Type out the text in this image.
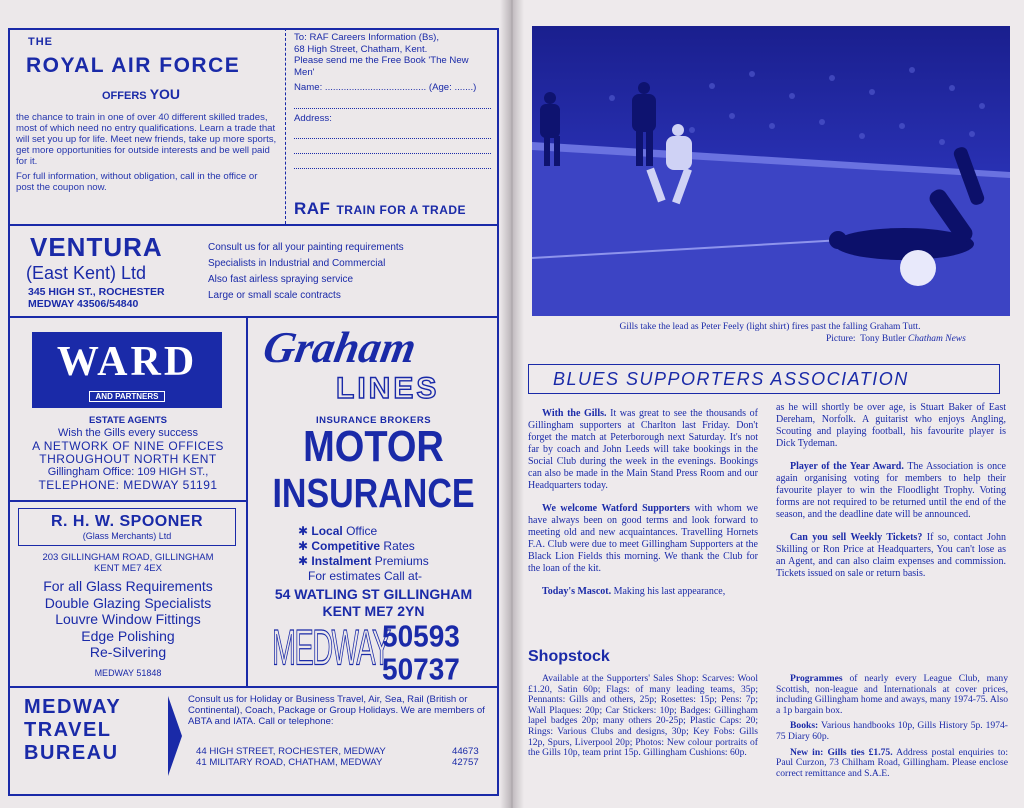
THE
ROYAL AIR FORCE
OFFERS YOU

the chance to train in one of over 40 different skilled trades, most of which need no entry qualifications. Learn a trade that will set you up for life. Meet new friends, take up more sports, get more opportunities for outside interests and be well paid for it.

For full information, without obligation, call in the office or post the coupon now.

To: RAF Careers Information (Bs),
68 High Street, Chatham, Kent.
Please send me the Free Book 'The New Men'
Name: ...................................... (Age: .......)
Address:
RAF TRAIN FOR A TRADE
VENTURA
(East Kent) Ltd
345 HIGH ST., ROCHESTER
MEDWAY 43506/54840
Consult us for all your painting requirements
Specialists in Industrial and Commercial
Also fast airless spraying service
Large or small scale contracts
WARD
AND PARTNERS
ESTATE AGENTS
Wish the Gills every success
A NETWORK OF NINE OFFICES
THROUGHOUT NORTH KENT
Gillingham Office: 109 HIGH ST.,
TELEPHONE: MEDWAY 51191
R. H. W. SPOONER
(Glass Merchants) Ltd
203 GILLINGHAM ROAD, GILLINGHAM
KENT ME7 4EX
For all Glass Requirements
Double Glazing Specialists
Louvre Window Fittings
Edge Polishing
Re-Silvering
MEDWAY 51848
Graham
LINES
INSURANCE BROKERS
MOTOR
INSURANCE
✱ Local Office
✱ Competitive Rates
✱ Instalment Premiums
For estimates Call at-
54 WATLING ST GILLINGHAM
KENT ME7 2YN
MEDWAY
50593
50737
MEDWAY
TRAVEL
BUREAU
Consult us for Holiday or Business Travel, Air, Sea, Rail (British or Continental), Coach, Package or Group Holidays. We are members of ABTA and IATA. Call or telephone:
44 HIGH STREET, ROCHESTER, MEDWAY	44673
41 MILITARY ROAD, CHATHAM, MEDWAY	42757
Gills take the lead as Peter Feely (light shirt) fires past the falling Graham Tutt.
Picture: Tony Butler Chatham News
BLUES SUPPORTERS ASSOCIATION

With the Gills. It was great to see the thousands of Gillingham supporters at Charlton last Friday. Don't forget the match at Peterborough next Saturday. It's not far by coach and John Leeds will take bookings in the Social Club during the week in the evenings. Bookings can also be made in the Main Stand Press Room and our Headquarters today.

We welcome Watford Supporters with whom we have always been on good terms and look forward to meeting old and new acquaintances. Travelling Hornets F.A. Club were due to meet Gillingham Supporters at the Black Lion Fields this morning. We thank the Club for the loan of the kit.

Today's Mascot. Making his last appearance,

as he will shortly be over age, is Stuart Baker of East Dereham, Norfolk. A guitarist who enjoys Angling, Scouting and playing football, his favourite player is Dick Tydeman.

Player of the Year Award. The Association is once again organising voting for members to help their favourite player to win the Floodlight Trophy. Voting forms are not required to be returned until the end of the season, and the deadline date will be announced.

Can you sell Weekly Tickets? If so, contact John Skilling or Ron Price at Headquarters, You can't lose as an Agent, and can also claim expenses and commission. Tickets issued on sale or return basis.

Shopstock

Available at the Supporters' Sales Shop: Scarves: Wool £1.20, Satin 60p; Flags: of many leading teams, 35p; Pennants: Gills and others, 25p; Rosettes: 15p; Pens: 7p; Wall Plaques: 20p; Car Stickers: 10p; Badges: Gillingham lapel badges 20p; many others 20-25p; Plastic Caps: 20; Rings: Various Clubs and designs, 30p; Key Fobs: Gills 12p, Spurs, Liverpool 20p; Photos: New colour portraits of the Gills 10p, team print 15p. Gillingham Cushions: 60p.

Programmes of nearly every League Club, many Scottish, non-league and Internationals at cover prices, including Gillingham home and aways, many 1974-75. Also a 1p bargain box.

Books: Various handbooks 10p, Gills History 5p. 1974-75 Diary 60p.

New in: Gills ties £1.75. Address postal enquiries to: Paul Curzon, 73 Chilham Road, Gillingham. Please enclose correct remittance and S.A.E.
